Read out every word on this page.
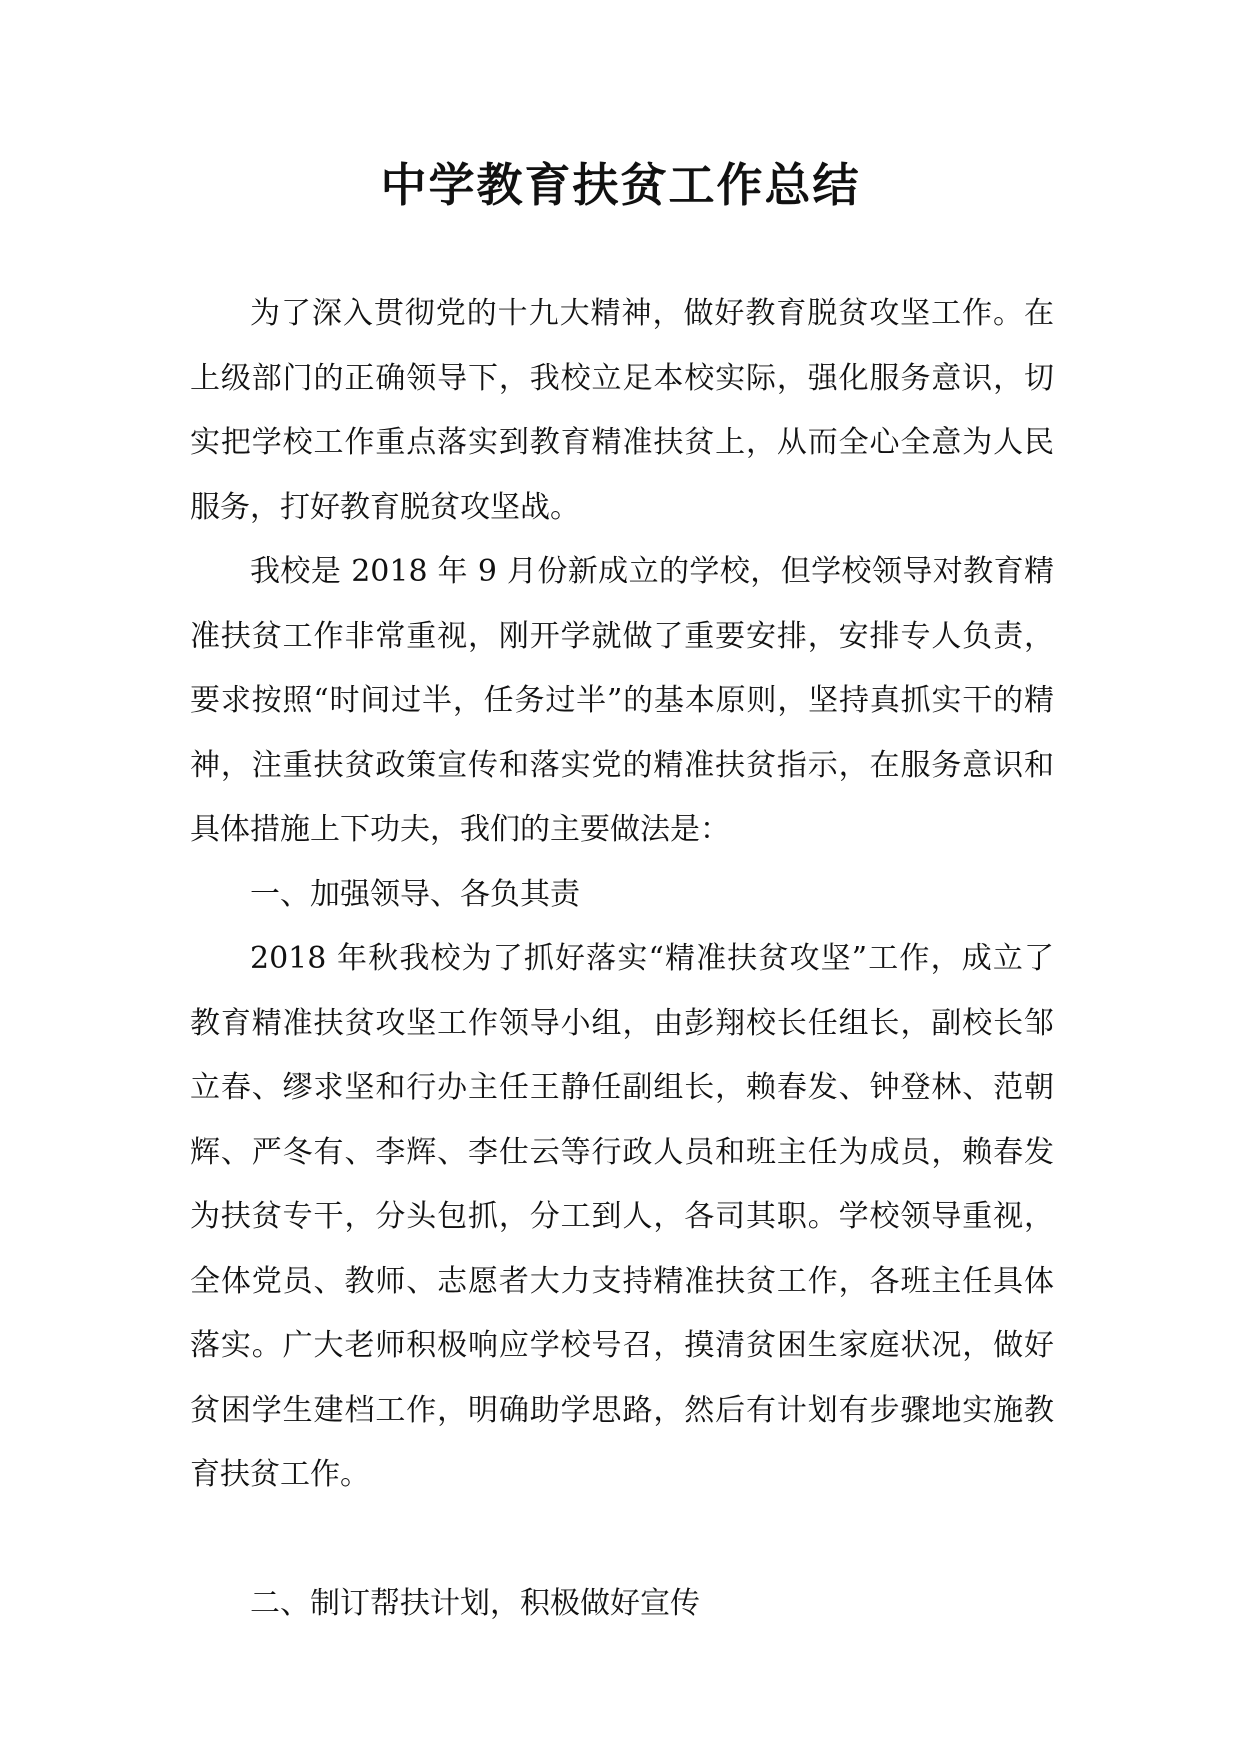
中学教育扶贫工作总结

为了深入贯彻党的十九大精神，做好教育脱贫攻坚工作。在上级部门的正确领导下，我校立足本校实际，强化服务意识，切实把学校工作重点落实到教育精准扶贫上，从而全心全意为人民服务，打好教育脱贫攻坚战。

我校是 2018 年 9 月份新成立的学校，但学校领导对教育精准扶贫工作非常重视，刚开学就做了重要安排，安排专人负责，要求按照“时间过半，任务过半”的基本原则，坚持真抓实干的精神，注重扶贫政策宣传和落实党的精准扶贫指示，在服务意识和具体措施上下功夫，我们的主要做法是：

一、加强领导、各负其责

2018 年秋我校为了抓好落实“精准扶贫攻坚”工作，成立了教育精准扶贫攻坚工作领导小组，由彭翔校长任组长，副校长邹立春、缪求坚和行办主任王静任副组长，赖春发、钟登林、范朝辉、严冬有、李辉、李仕云等行政人员和班主任为成员，赖春发为扶贫专干，分头包抓，分工到人，各司其职。学校领导重视，全体党员、教师、志愿者大力支持精准扶贫工作，各班主任具体落实。广大老师积极响应学校号召，摸清贫困生家庭状况，做好贫困学生建档工作，明确助学思路，然后有计划有步骤地实施教育扶贫工作。

二、制订帮扶计划，积极做好宣传
